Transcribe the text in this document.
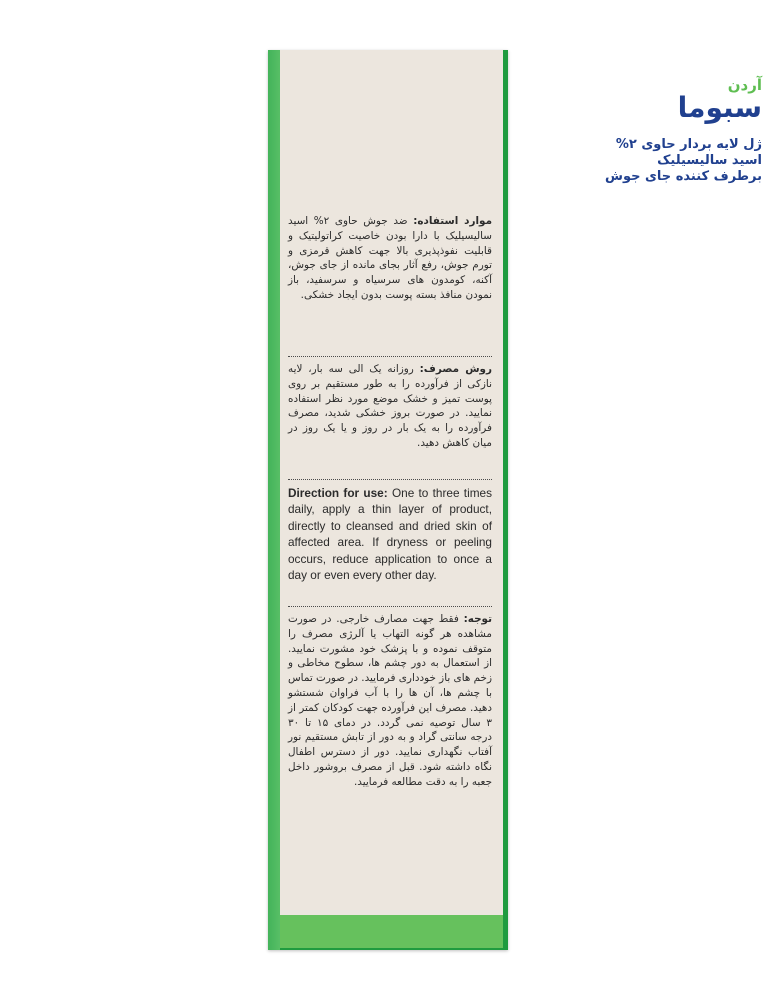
آردن
سبوما
ژل لایه بردار حاوی ۲%
اسید سالیسیلیک
برطرف کننده جای جوش
موارد استفاده: ضد جوش حاوی ۲% اسید سالیسیلیک با دارا بودن خاصیت کراتولیتیک و قابلیت نفوذپذیری بالا جهت کاهش قرمزی و تورم جوش، رفع آثار بجای مانده از جای جوش، آکنه، کومدون های سرسیاه و سرسفید، باز نمودن منافذ بسته پوست بدون ایجاد خشکی.
روش مصرف: روزانه یک الی سه بار، لایه نازکی از فرآورده را به طور مستقیم بر روی پوست تمیز و خشک موضع مورد نظر استفاده نمایید. در صورت بروز خشکی شدید، مصرف فرآورده را به یک بار در روز و یا یک روز در میان کاهش دهید.
Direction for use: One to three times daily, apply a thin layer of product, directly to cleansed and dried skin of affected area. If dryness or peeling occurs, reduce application to once a day or even every other day.
توجه: فقط جهت مصارف خارجی. در صورت مشاهده هر گونه التهاب یا آلرژی مصرف را متوقف نموده و با پزشک خود مشورت نمایید. از استعمال به دور چشم ها، سطوح مخاطی و زخم های باز خودداری فرمایید. در صورت تماس با چشم ها، آن ها را با آب فراوان شستشو دهید. مصرف این فرآورده جهت کودکان کمتر از ۳ سال توصیه نمی گردد. در دمای ۱۵ تا ۳۰ درجه سانتی گراد و به دور از تابش مستقیم نور آفتاب نگهداری نمایید. دور از دسترس اطفال نگاه داشته شود. قبل از مصرف بروشور داخل جعبه را به دقت مطالعه فرمایید.
وزن خالص: ۲۰ گرم
